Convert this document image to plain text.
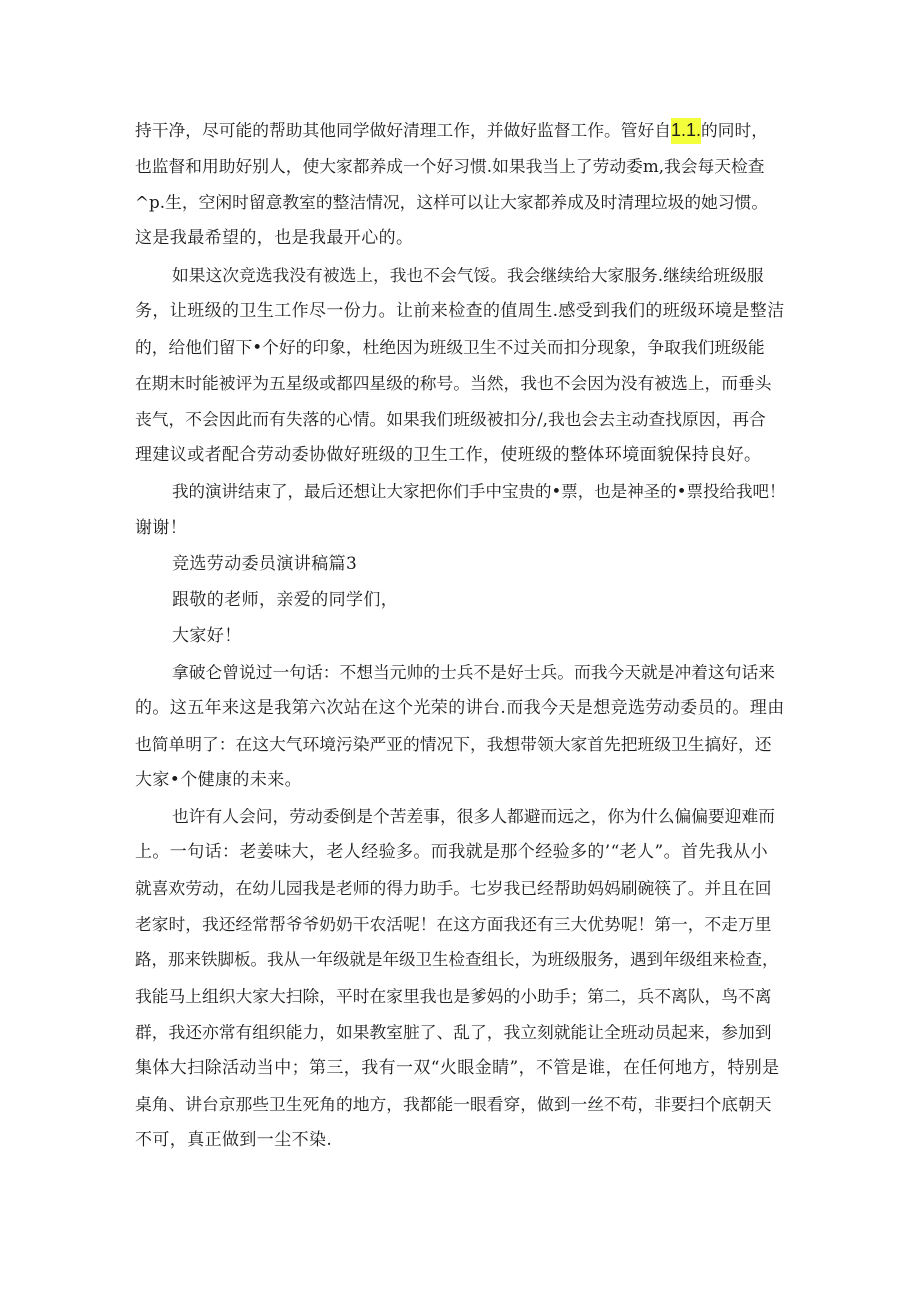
持干净，尽可能的帮助其他同学做好清理工作，并做好监督工作。管好自1.1.的同时，
也监督和用助好别人，使大家都养成一个好习惯.如果我当上了劳动委m,我会每天检查
^p.生，空闲时留意教室的整洁情况，这样可以让大家都养成及时清理垃圾的她习惯。
这是我最希望的，也是我最开心的。
如果这次竞选我没有被选上，我也不会气馁。我会继续给大家服务.继续给班级服
务，让班级的卫生工作尽一份力。让前来检查的值周生.感受到我们的班级环境是整洁
的，给他们留下•个好的印象，杜绝因为班级卫生不过关而扣分现象，争取我们班级能
在期末时能被评为五星级或都四星级的称号。当然，我也不会因为没有被选上，而垂头
丧气，不会因此而有失落的心情。如果我们班级被扣分/,我也会去主动查找原因，再合
理建议或者配合劳动委协做好班级的卫生工作，使班级的整体环境面貌保持良好。
我的演讲结束了，最后还想让大家把你们手中宝贵的•票，也是神圣的•票投给我吧！
谢谢！
竞选劳动委员演讲稿篇3
跟敬的老师，亲爱的同学们，
大家好！
拿破仑曾说过一句话：不想当元帅的士兵不是好士兵。而我今天就是冲着这句话来
的。这五年来这是我第六次站在这个光荣的讲台.而我今天是想竞选劳动委员的。理由
也简单明了：在这大气环境污染严亚的情况下，我想带领大家首先把班级卫生搞好，还
大家•个健康的未来。
也许有人会问，劳动委倒是个苦差事，很多人都避而远之，你为什么偏偏要迎难而
上。一句话：老姜味大，老人经验多。而我就是那个经验多的’“老人”。首先我从小
就喜欢劳动，在幼儿园我是老师的得力助手。七岁我已经帮助妈妈刷碗筷了。并且在回
老家时，我还经常帮爷爷奶奶干农活呢！在这方面我还有三大优势呢！第一，不走万里
路，那来铁脚板。我从一年级就是年级卫生检查组长，为班级服务，遇到年级组来检查，
我能马上组织大家大扫除，平时在家里我也是爹妈的小助手；第二，兵不离队，鸟不离
群，我还亦常有组织能力，如果教室脏了、乱了，我立刻就能让全班动员起来，参加到
集体大扫除活动当中；第三，我有一双“火眼金睛”，不管是谁，在任何地方，特别是
桌角、讲台京那些卫生死角的地方，我都能一眼看穿，做到一丝不苟，非要扫个底朝天
不可，真正做到一尘不染.
